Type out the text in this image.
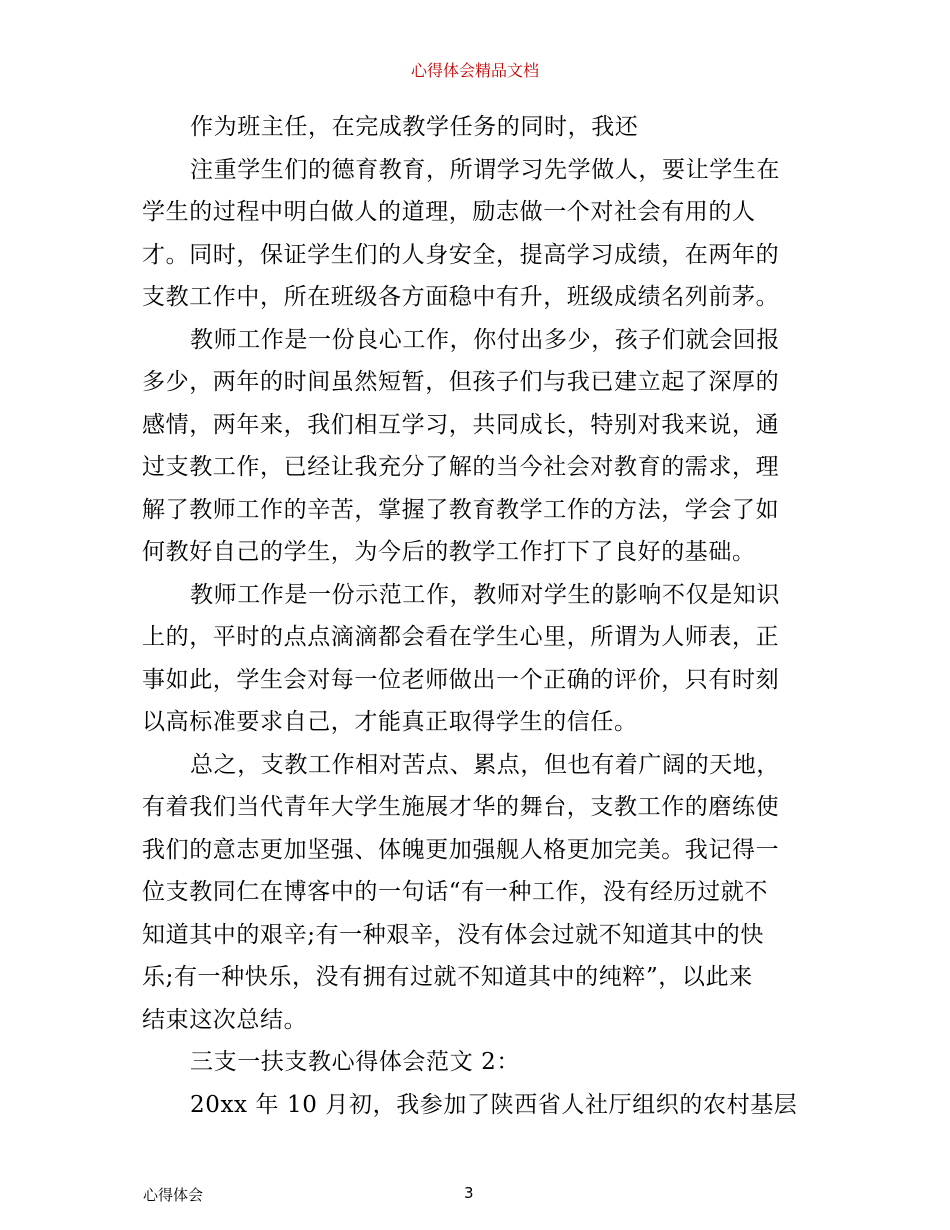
心得体会精品文档
作为班主任，在完成教学任务的同时，我还
注重学生们的德育教育，所谓学习先学做人，要让学生在
学生的过程中明白做人的道理，励志做一个对社会有用的人
才。同时，保证学生们的人身安全，提高学习成绩，在两年的
支教工作中，所在班级各方面稳中有升，班级成绩名列前茅。
教师工作是一份良心工作，你付出多少，孩子们就会回报
多少，两年的时间虽然短暂，但孩子们与我已建立起了深厚的
感情，两年来，我们相互学习，共同成长，特别对我来说，通
过支教工作，已经让我充分了解的当今社会对教育的需求，理
解了教师工作的辛苦，掌握了教育教学工作的方法，学会了如
何教好自己的学生，为今后的教学工作打下了良好的基础。
教师工作是一份示范工作，教师对学生的影响不仅是知识
上的，平时的点点滴滴都会看在学生心里，所谓为人师表，正
事如此，学生会对每一位老师做出一个正确的评价，只有时刻
以高标准要求自己，才能真正取得学生的信任。
总之，支教工作相对苦点、累点，但也有着广阔的天地，
有着我们当代青年大学生施展才华的舞台，支教工作的磨练使
我们的意志更加坚强、体魄更加强舰人格更加完美。我记得一
位支教同仁在博客中的一句话“有一种工作，没有经历过就不
知道其中的艰辛;有一种艰辛，没有体会过就不知道其中的快
乐;有一种快乐，没有拥有过就不知道其中的纯粹”，以此来
结束这次总结。
三支一扶支教心得体会范文 2：
20xx 年 10 月初，我参加了陕西省人社厅组织的农村基层
心得体会	3
